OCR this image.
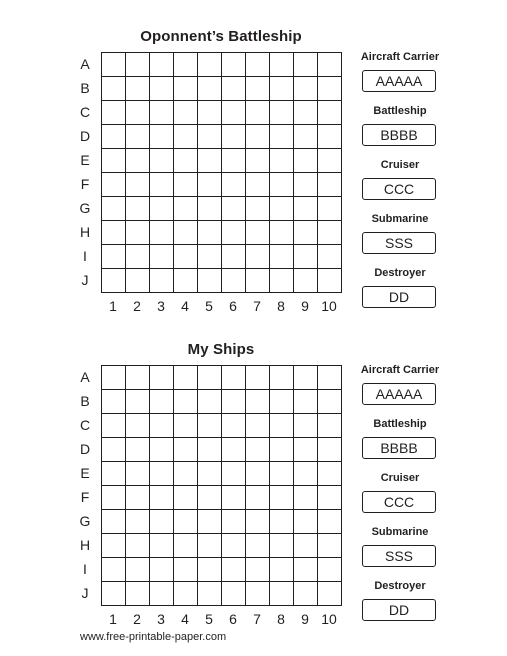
Oponnent’s Battleship
A
B
C
D
E
F
G
H
I
J
1	2	3	4	5	6	7	8	9 10
Aircraft Carrier
AAAAA
Battleship
BBBB
Cruiser
CCC
Submarine
SSS
Destroyer
DD
My Ships
A
B
C
D
E
F
G
H
I
J
1	2	3	4	5	6	7	8	9 10
Aircraft Carrier
AAAAA
Battleship
BBBB
Cruiser
CCC
Submarine
SSS
Destroyer
DD
www.free-printable-paper.com
